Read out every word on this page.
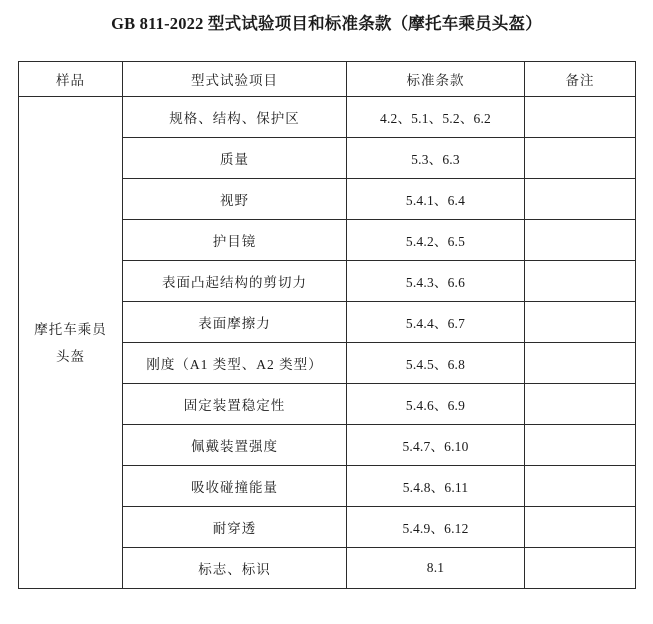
GB 811-2022 型式试验项目和标准条款（摩托车乘员头盔）
样品	型式试验项目	标准条款	备注

摩托车乘员
头盔	规格、结构、保护区	4.2、5.1、5.2、6.2	
	质量	5.3、6.3	
	视野	5.4.1、6.4	
	护目镜	5.4.2、6.5	
	表面凸起结构的剪切力	5.4.3、6.6	
	表面摩擦力	5.4.4、6.7	
	刚度（A1 类型、A2 类型）	5.4.5、6.8	
	固定装置稳定性	5.4.6、6.9	
	佩戴装置强度	5.4.7、6.10	
	吸收碰撞能量	5.4.8、6.11	
	耐穿透	5.4.9、6.12	
	标志、标识	8.1	
